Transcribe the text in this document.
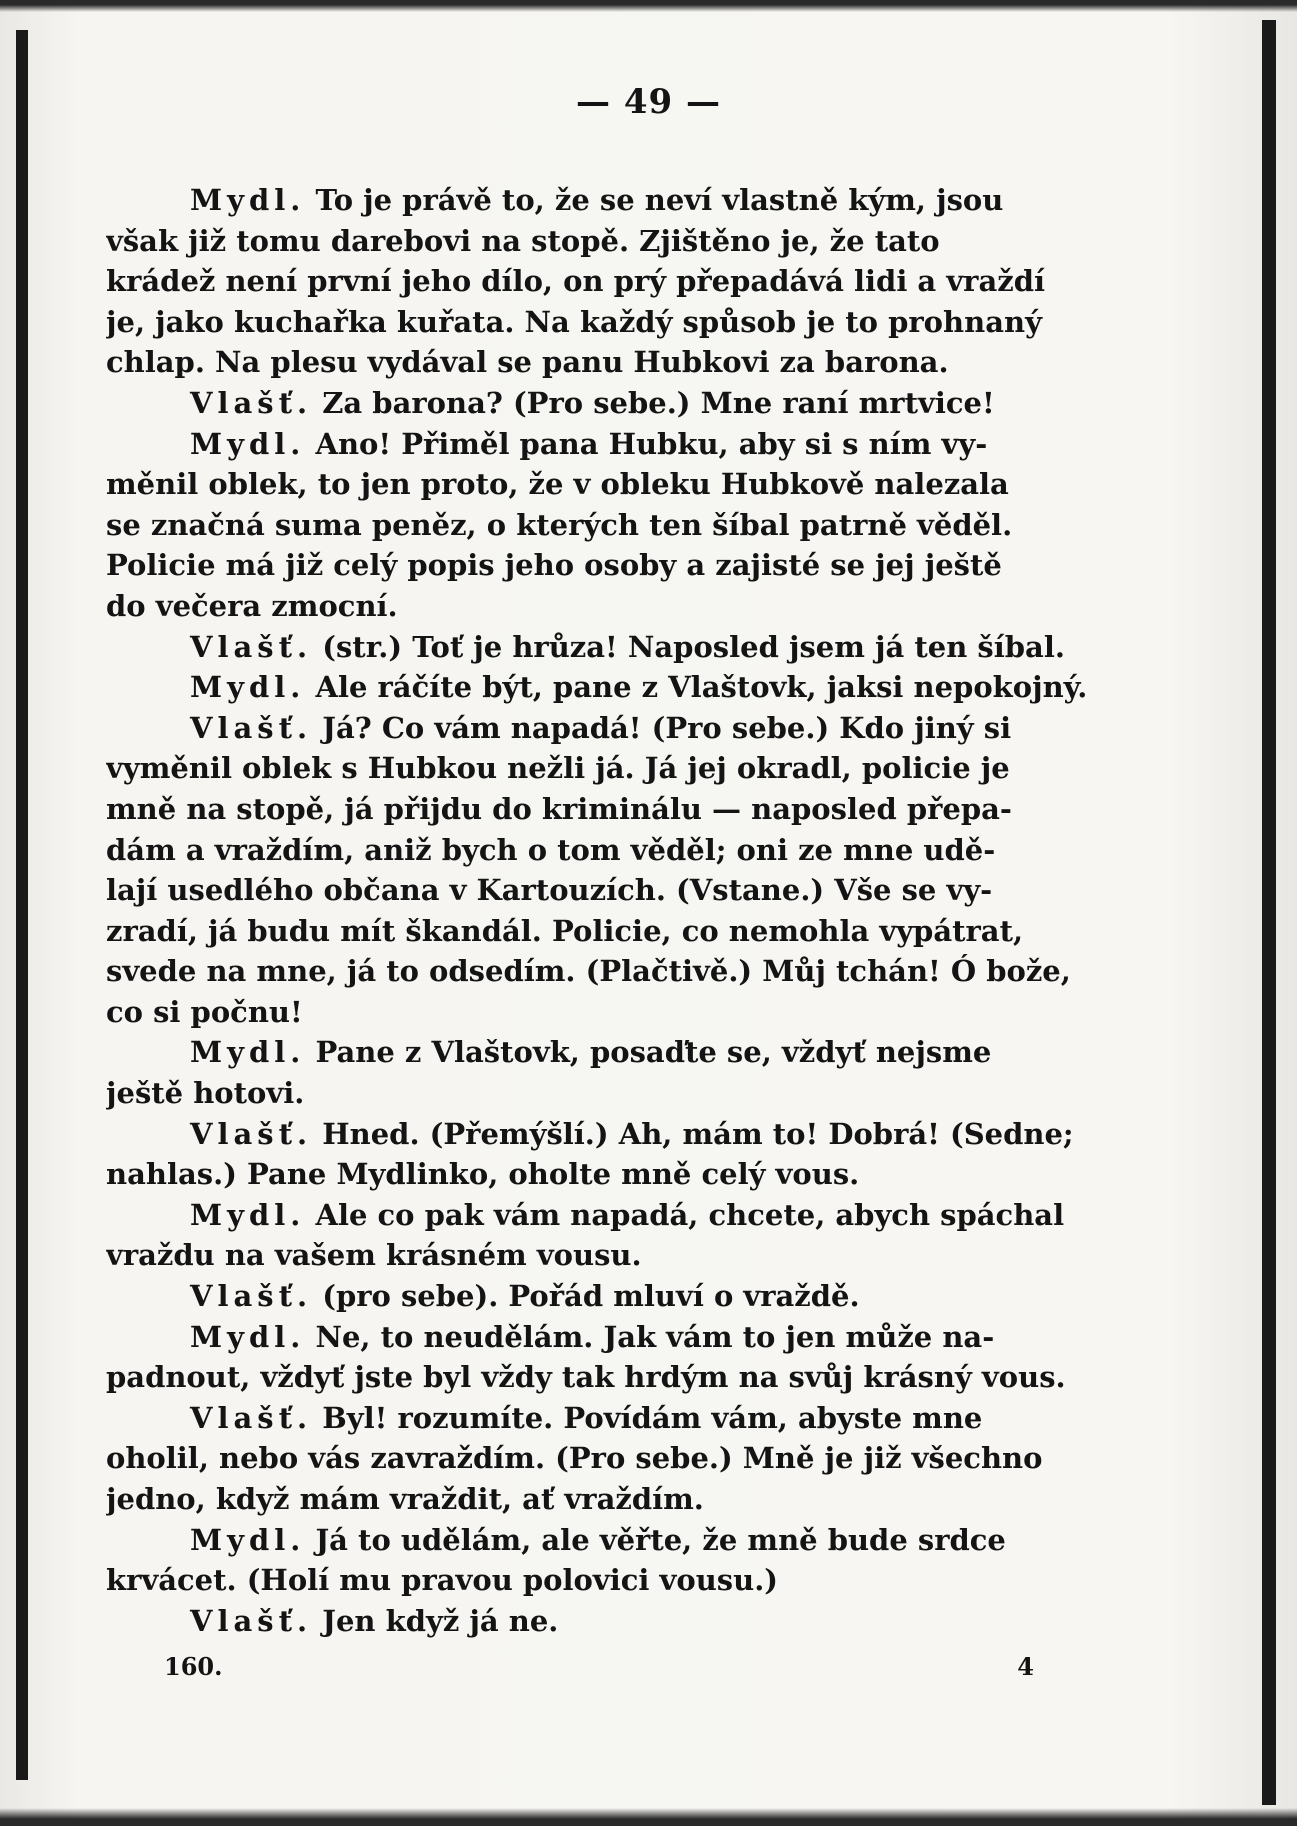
— 49 —
Mydl. To je právě to, že se neví vlastně kým, jsou
však již tomu darebovi na stopě. Zjištěno je, že tato
krádež není první jeho dílo, on prý přepadává lidi a vraždí
je, jako kuchařka kuřata. Na každý spůsob je to prohnaný
chlap. Na plesu vydával se panu Hubkovi za barona.
Vlašť. Za barona? (Pro sebe.) Mne raní mrtvice!
Mydl. Ano! Přiměl pana Hubku, aby si s ním vy-
měnil oblek, to jen proto, že v obleku Hubkově nalezala
se značná suma peněz, o kterých ten šíbal patrně věděl.
Policie má již celý popis jeho osoby a zajisté se jej ještě
do večera zmocní.
Vlašť. (str.) Toť je hrůza! Naposled jsem já ten šíbal.
Mydl. Ale ráčíte být, pane z Vlaštovk, jaksi nepokojný.
Vlašť. Já? Co vám napadá! (Pro sebe.) Kdo jiný si
vyměnil oblek s Hubkou nežli já. Já jej okradl, policie je
mně na stopě, já přijdu do kriminálu — naposled přepa-
dám a vraždím, aniž bych o tom věděl; oni ze mne udě-
lají usedlého občana v Kartouzích. (Vstane.) Vše se vy-
zradí, já budu mít škandál. Policie, co nemohla vypátrat,
svede na mne, já to odsedím. (Plačtivě.) Můj tchán! Ó bože,
co si počnu!
Mydl. Pane z Vlaštovk, posaďte se, vždyť nejsme
ještě hotovi.
Vlašť. Hned. (Přemýšlí.) Ah, mám to! Dobrá! (Sedne;
nahlas.) Pane Mydlinko, oholte mně celý vous.
Mydl. Ale co pak vám napadá, chcete, abych spáchal
vraždu na vašem krásném vousu.
Vlašť. (pro sebe). Pořád mluví o vraždě.
Mydl. Ne, to neudělám. Jak vám to jen může na-
padnout, vždyť jste byl vždy tak hrdým na svůj krásný vous.
Vlašť. Byl! rozumíte. Povídám vám, abyste mne
oholil, nebo vás zavraždím. (Pro sebe.) Mně je již všechno
jedno, když mám vraždit, ať vraždím.
Mydl. Já to udělám, ale věřte, že mně bude srdce
krvácet. (Holí mu pravou polovici vousu.)
Vlašť. Jen když já ne.
160.	4
